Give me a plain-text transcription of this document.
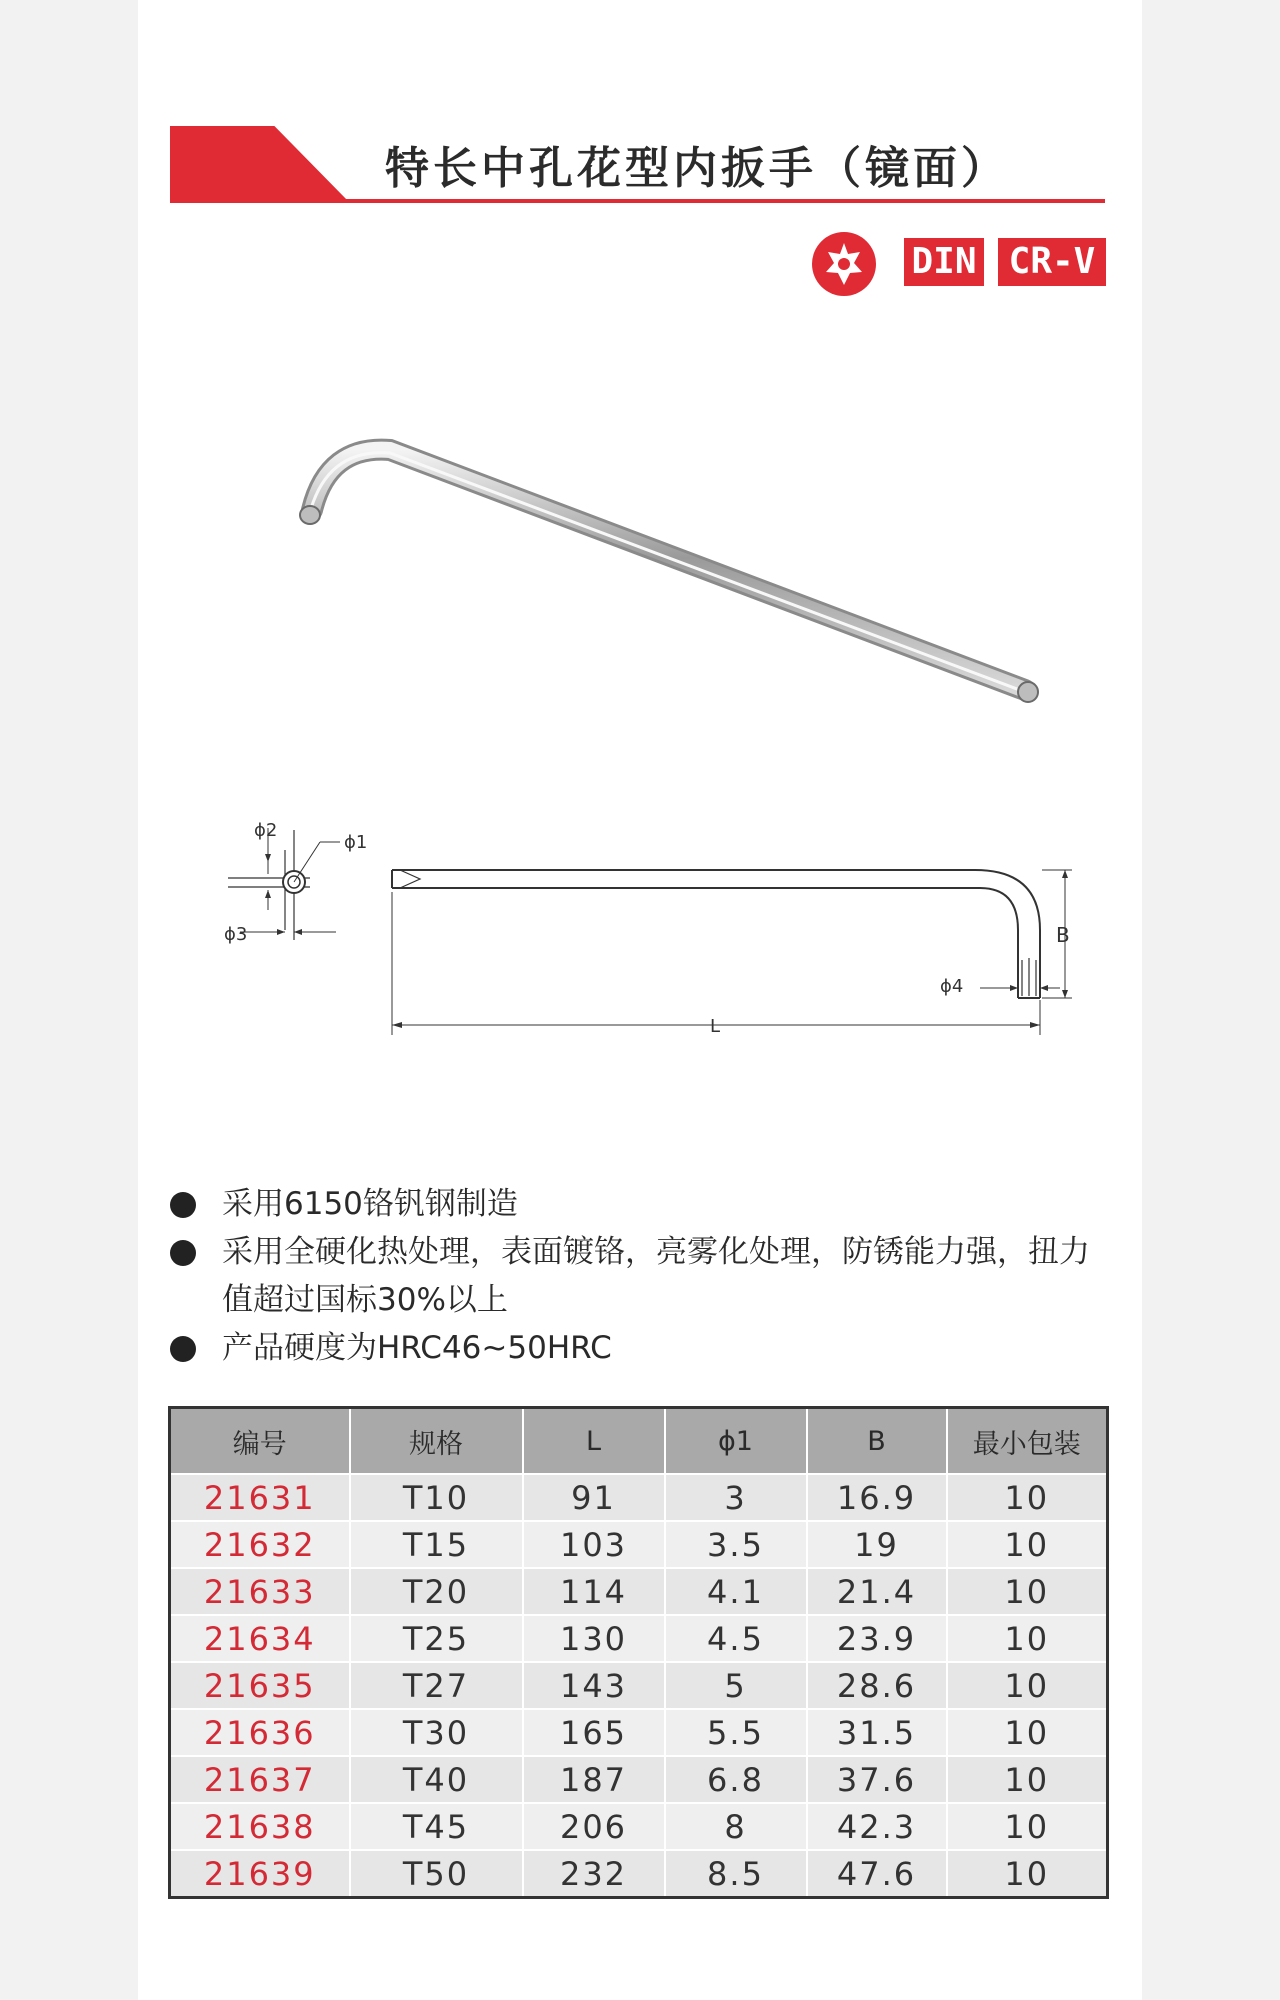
特长中孔花型内扳手（镜面）
DIN CR-V
ϕ2
ϕ1
ϕ3	B
ϕ4
L
采用6150铬钒钢制造
采用全硬化热处理，表面镀铬，亮雾化处理，防锈能力强，扭力值超过国标30%以上
产品硬度为HRC46~50HRC
编号	规格	L	ϕ1	B	最小包装
21631	T10	91	3	16.9	10
21632	T15	103	3.5	19	10
21633	T20	114	4.1	21.4	10
21634	T25	130	4.5	23.9	10
21635	T27	143	5	28.6	10
21636	T30	165	5.5	31.5	10
21637	T40	187	6.8	37.6	10
21638	T45	206	8	42.3	10
21639	T50	232	8.5	47.6	10
